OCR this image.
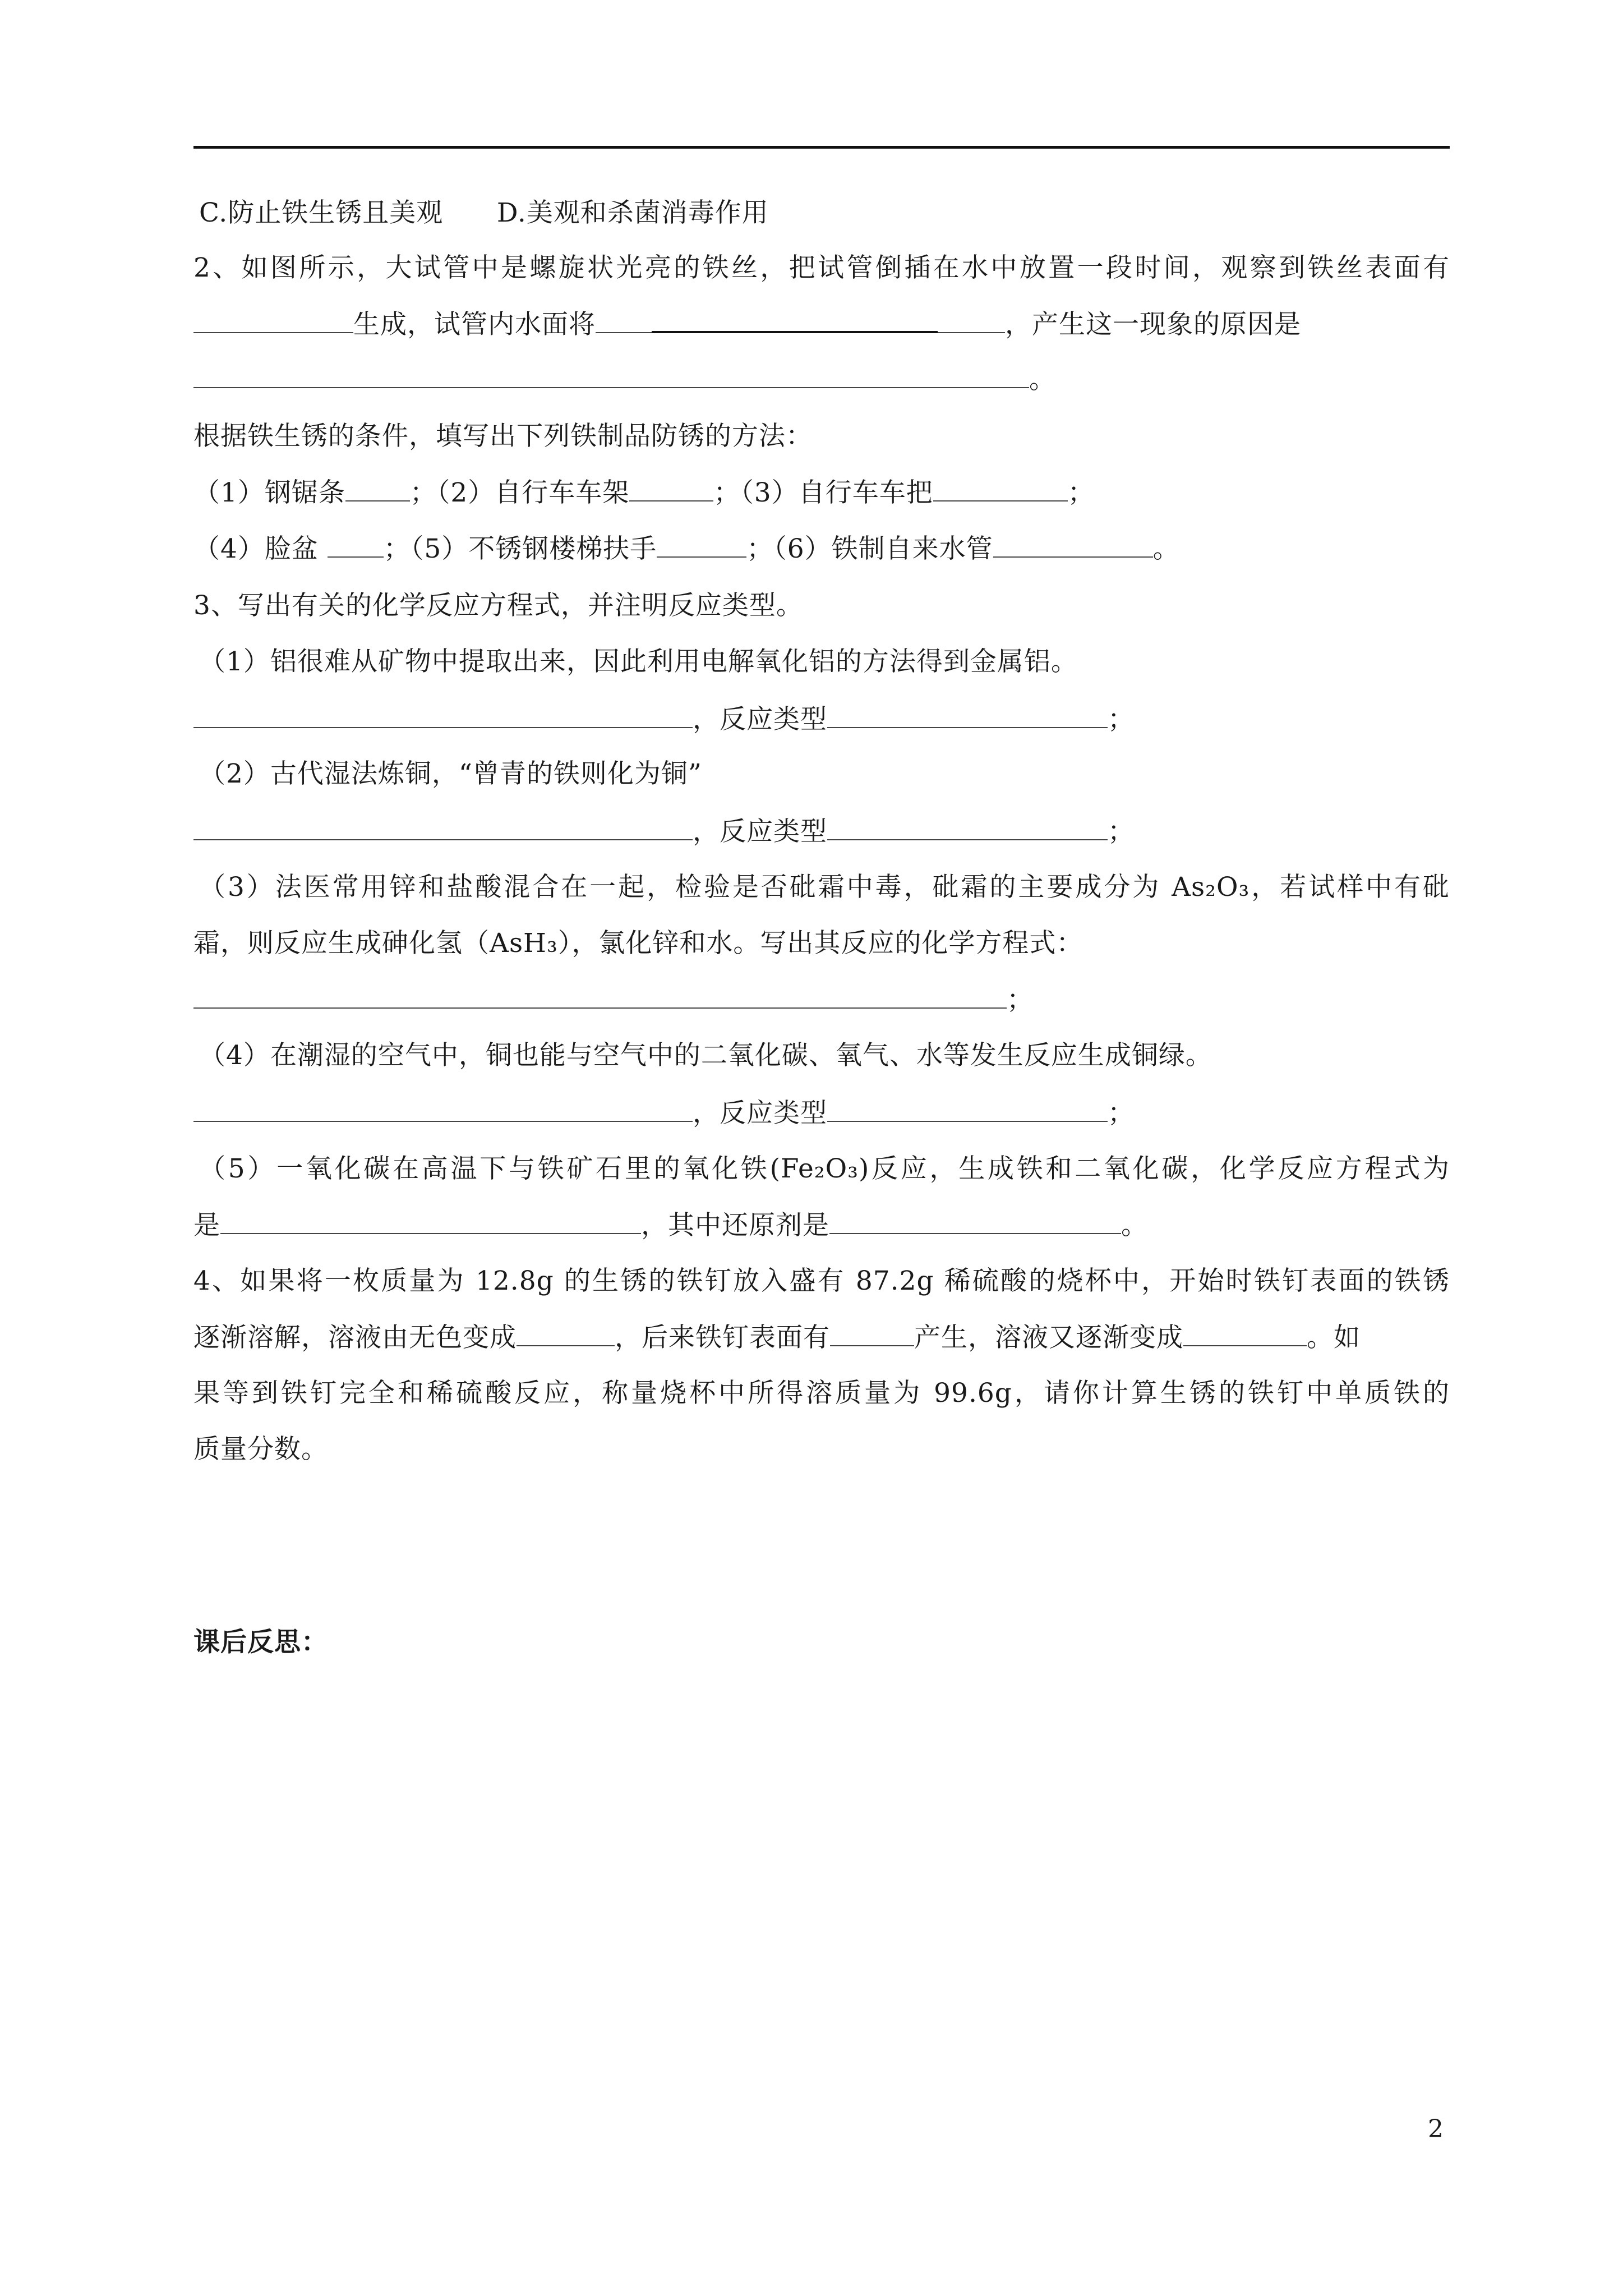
C.防止铁生锈且美观      D.美观和杀菌消毒作用
2、如图所示，大试管中是螺旋状光亮的铁丝，把试管倒插在水中放置一段时间，观察到铁丝表面有
生成，试管内水面将	，产生这一现象的原因是
。
根据铁生锈的条件，填写出下列铁制品防锈的方法：
（1）钢锯条 ；（2）自行车车架	；（3）自行车车把	；
（4）脸盆 ；（5）不锈钢楼梯扶手	；（6）铁制自来水管	。
3、写出有关的化学反应方程式，并注明反应类型。
（1）铝很难从矿物中提取出来，因此利用电解氧化铝的方法得到金属铝。
，反应类型	；
（2）古代湿法炼铜，“曾青的铁则化为铜”
，反应类型	；
（3）法医常用锌和盐酸混合在一起，检验是否砒霜中毒，砒霜的主要成分为 As₂O₃，若试样中有砒
霜，则反应生成砷化氢（AsH₃），氯化锌和水。写出其反应的化学方程式：
；
（4）在潮湿的空气中，铜也能与空气中的二氧化碳、氧气、水等发生反应生成铜绿。
，反应类型	；
（5）一氧化碳在高温下与铁矿石里的氧化铁(Fe₂O₃)反应，生成铁和二氧化碳，化学反应方程式为
是	，其中还原剂是	。
4、如果将一枚质量为 12.8g 的生锈的铁钉放入盛有 87.2g 稀硫酸的烧杯中，开始时铁钉表面的铁锈
逐渐溶解，溶液由无色变成	，后来铁钉表面有	产生，溶液又逐渐变成	。如
果等到铁钉完全和稀硫酸反应，称量烧杯中所得溶质量为 99.6g，请你计算生锈的铁钉中单质铁的
质量分数。
课后反思：
2
